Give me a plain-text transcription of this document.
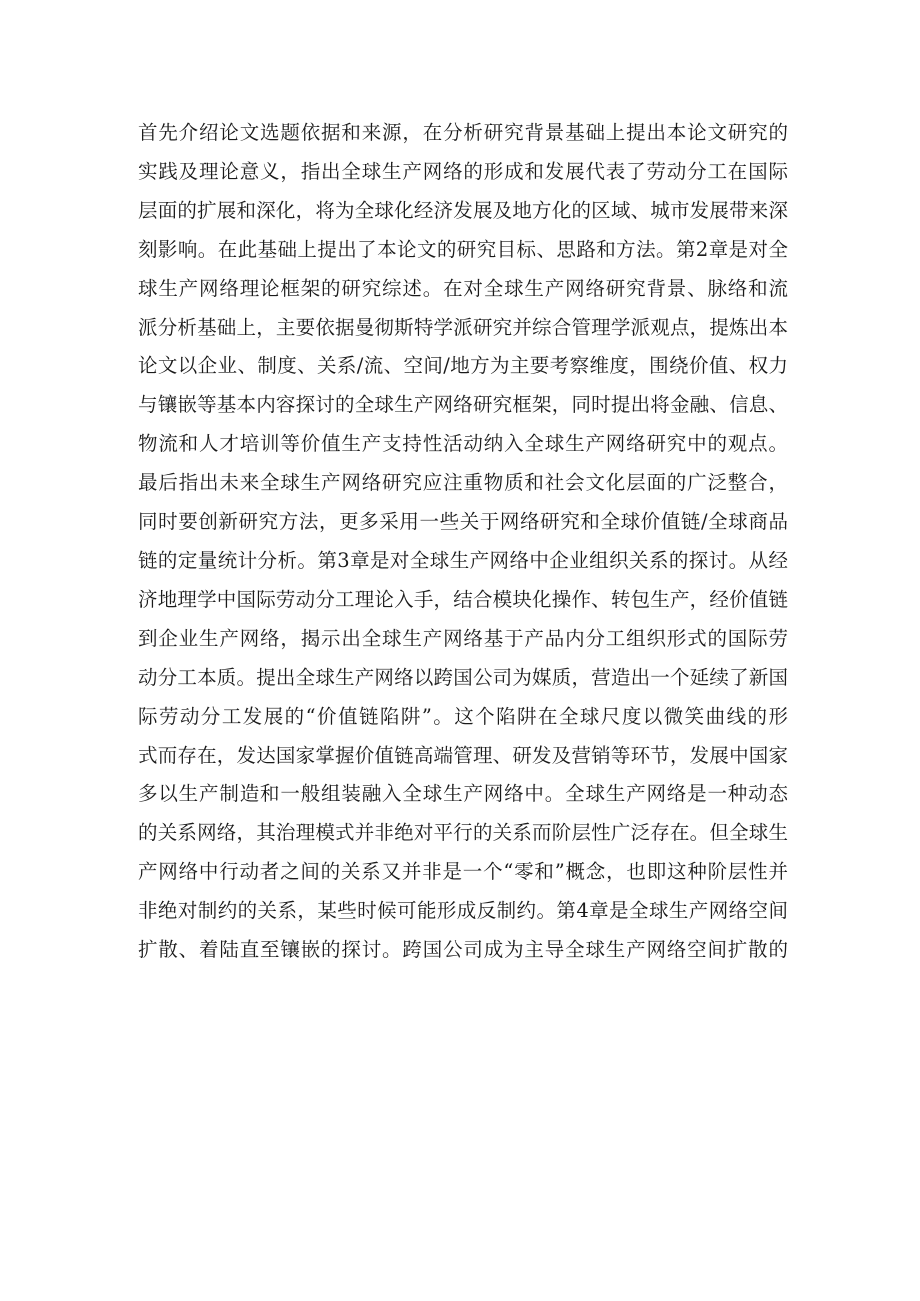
首先介绍论文选题依据和来源，在分析研究背景基础上提出本论文研究的
实践及理论意义，指出全球生产网络的形成和发展代表了劳动分工在国际
层面的扩展和深化，将为全球化经济发展及地方化的区域、城市发展带来深
刻影响。在此基础上提出了本论文的研究目标、思路和方法。第2章是对全
球生产网络理论框架的研究综述。在对全球生产网络研究背景、脉络和流
派分析基础上，主要依据曼彻斯特学派研究并综合管理学派观点，提炼出本
论文以企业、制度、关系/流、空间/地方为主要考察维度，围绕价值、权力
与镶嵌等基本内容探讨的全球生产网络研究框架，同时提出将金融、信息、
物流和人才培训等价值生产支持性活动纳入全球生产网络研究中的观点。
最后指出未来全球生产网络研究应注重物质和社会文化层面的广泛整合，
同时要创新研究方法，更多采用一些关于网络研究和全球价值链/全球商品
链的定量统计分析。第3章是对全球生产网络中企业组织关系的探讨。从经
济地理学中国际劳动分工理论入手，结合模块化操作、转包生产，经价值链
到企业生产网络，揭示出全球生产网络基于产品内分工组织形式的国际劳
动分工本质。提出全球生产网络以跨国公司为媒质，营造出一个延续了新国
际劳动分工发展的“价值链陷阱”。这个陷阱在全球尺度以微笑曲线的形
式而存在，发达国家掌握价值链高端管理、研发及营销等环节，发展中国家
多以生产制造和一般组装融入全球生产网络中。全球生产网络是一种动态
的关系网络，其治理模式并非绝对平行的关系而阶层性广泛存在。但全球生
产网络中行动者之间的关系又并非是一个“零和”概念，也即这种阶层性并
非绝对制约的关系，某些时候可能形成反制约。第4章是全球生产网络空间
扩散、着陆直至镶嵌的探讨。跨国公司成为主导全球生产网络空间扩散的
